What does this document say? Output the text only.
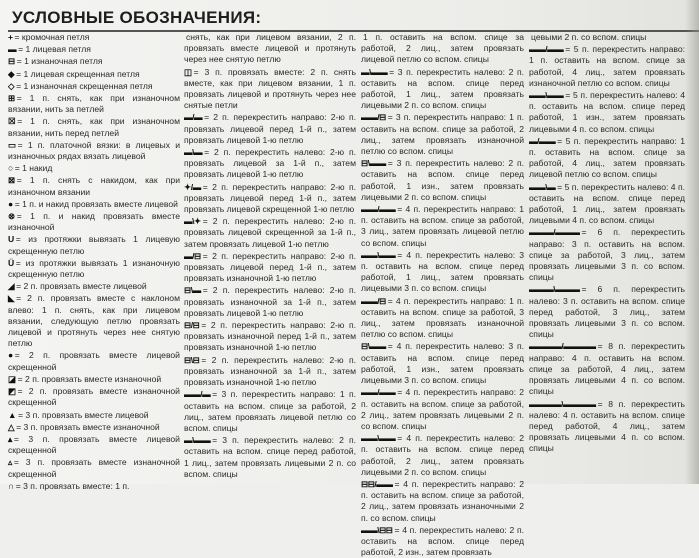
УСЛОВНЫЕ ОБОЗНАЧЕНИЯ:
+ = кромочная петля
▬ = 1 лицевая петля
⊟ = 1 изнаночная петля
◆ = 1 лицевая скрещенная петля
◇ = 1 изнаночная скрещенная петля
⊞ = 1 п. снять, как при изнаночном вязании, нить за петлей
☒ = 1 п. снять, как при изнаночном вязании, нить перед петлей
▭ = 1 п. платочной вязки: в лицевых и изнаночных рядах вязать лицевой
○ = 1 накид
⊠ = 1 п. снять с накидом, как при изнаночном вязании
● = 1 п. и накид провязать вместе лицевой
⊗ = 1 п. и накид провязать вместе изнаночной
U = из протяжки вывязать 1 лицевую скрещенную петлю
Ü = из протяжки вывязать 1 изнаночную скрещенную петлю
◢ = 2 п. провязать вместе лицевой
◣ = 2 п. провязать вместе с наклоном влево: 1 п. снять, как при лицевом вязании, следующую петлю провязать лицевой и протянуть через нее снятую петлю
● = 2 п. провязать вместе лицевой скрещенной
◪ = 2 п. провязать вместе изнаночной
◩ = 2 п. провязать вместе изнаночной скрещенной
▲ = 3 п. провязать вместе лицевой
△ = 3 п. провязать вместе изнаночной
▴ = 3 п. провязать вместе лицевой скрещенной
▵ = 3 п. провязать вместе изнаночной скрещенной
∩ = 3 п. провязать вместе: 1 п.
снять, как при лицевом вязании, 2 п. провязать вместе лицевой и протянуть через нее снятую петлю
◫ = 3 п. провязать вместе: 2 п. снять вместе, как при лицевом вязании, 1 п. провязать лицевой и протянуть через нее снятые петли
▬/▬ = 2 п. перекрестить направо: 2-ю п. провязать лицевой перед 1-й п., затем провязать лицевой 1-ю петлю
▬\▬ = 2 п. перекрестить налево: 2-ю п. провязать лицевой за 1-й п., затем провязать лицевой 1-ю петлю
✦/▬ = 2 п. перекрестить направо: 2-ю п. провязать лицевой перед 1-й п., затем провязать лицевой скрещенной 1-ю петлю
▬\✦ = 2 п. перекрестить налево: 2-ю п. провязать лицевой скрещенной за 1-й п., затем провязать лицевой 1-ю петлю
▬/⊟ = 2 п. перекрестить направо: 2-ю п. провязать лицевой перед 1-й п., затем провязать изнаночной 1-ю петлю
⊟\▬ = 2 п. перекрестить налево: 2-ю п. провязать изнаночной за 1-й п., затем провязать лицевой 1-ю петлю
⊟/⊟ = 2 п. перекрестить направо: 2-ю п. провязать изнаночной перед 1-й п., затем провязать изнаночной 1-ю петлю
⊟\⊟ = 2 п. перекрестить налево: 2-ю п. провязать изнаночной за 1-й п., затем провязать изнаночной 1-ю петлю
▬▬/▬ = 3 п. перекрестить направо: 1 п. оставить на вспом. спице за работой, 2 лиц., затем провязать лицевой петлю со вспом. спицы
▬\▬▬ = 3 п. перекрестить налево: 2 п. оставить на вспом. спице перед работой, 1 лиц., затем провязать лицевыми 2 п. со вспом. спицы
1 п. оставить на вспом. спице за работой, 2 лиц., затем провязать лицевой петлю со вспом. спицы
▬\▬▬ = 3 п. перекрестить налево: 2 п. оставить на вспом. спице перед работой, 1 лиц., затем провязать лицевыми 2 п. со вспом. спицы
▬▬/⊟ = 3 п. перекрестить направо: 1 п. оставить на вспом. спице за работой, 2 лиц., затем провязать изнаночной петлю со вспом. спицы
⊟\▬▬ = 3 п. перекрестить налево: 2 п. оставить на вспом. спице перед работой, 1 изн., затем провязать лицевыми 2 п. со вспом. спицы
▬▬/▬▬ = 4 п. перекрестить направо: 1 п. оставить на вспом. спице за работой, 3 лиц., затем провязать лицевой петлю со вспом. спицы
▬▬\▬▬ = 4 п. перекрестить налево: 3 п. оставить на вспом. спице перед работой, 1 лиц., затем провязать лицевыми 3 п. со вспом. спицы
▬▬/⊟ = 4 п. перекрестить направо: 1 п. оставить на вспом. спице за работой, 3 лиц., затем провязать изнаночной петлю со вспом. спицы
⊟\▬▬ = 4 п. перекрестить налево: 3 п. оставить на вспом. спице перед работой, 1 изн., затем провязать лицевыми 3 п. со вспом. спицы
▬▬/▬▬ = 4 п. перекрестить направо: 2 п. оставить на вспом. спице за работой, 2 лиц., затем провязать лицевыми 2 п. со вспом. спицы
▬▬\▬▬ = 4 п. перекрестить налево: 2 п. оставить на вспом. спице перед работой, 2 лиц., затем провязать лицевыми 2 п. со вспом. спицы
⊟⊟/▬▬ = 4 п. перекрестить направо: 2 п. оставить на вспом. спице за работой, 2 лиц., затем провязать изнаночными 2 п. со вспом. спицы
▬▬\⊟⊟ = 4 п. перекрестить налево: 2 п. оставить на вспом. спице перед работой, 2 изн., затем провязать
цевыми 2 п. со вспом. спицы
▬▬/▬▬ = 5 п. перекрестить направо: 1 п. оставить на вспом. спице за работой, 4 лиц., затем провязать изнаночной петлю со вспом. спицы
▬▬\▬▬ = 5 п. перекрестить налево: 4 п. оставить на вспом. спице перед работой, 1 изн., затем провязать лицевыми 4 п. со вспом. спицы
▬/▬▬ = 5 п. перекрестить направо: 1 п. оставить на вспом. спице за работой, 4 лиц., затем провязать лицевой петлю со вспом. спицы
▬▬\▬ = 5 п. перекрестить налево: 4 п. оставить на вспом. спице перед работой, 1 лиц., затем провязать лицевыми 4 п. со вспом. спицы
▬▬▬/▬▬▬ = 6 п. перекрестить направо: 3 п. оставить на вспом. спице за работой, 3 лиц., затем провязать лицевыми 3 п. со вспом. спицы
▬▬▬\▬▬▬ = 6 п. перекрестить налево: 3 п. оставить на вспом. спице перед работой, 3 лиц., затем провязать лицевыми 3 п. со вспом. спицы
▬▬▬▬/▬▬▬▬ = 8 п. перекрестить направо: 4 п. оставить на вспом. спице за работой, 4 лиц., затем провязать лицевыми 4 п. со вспом. спицы
▬▬▬▬\▬▬▬▬ = 8 п. перекрестить налево: 4 п. оставить на вспом. спице перед работой, 4 лиц., затем провязать лицевыми 4 п. со вспом. спицы
